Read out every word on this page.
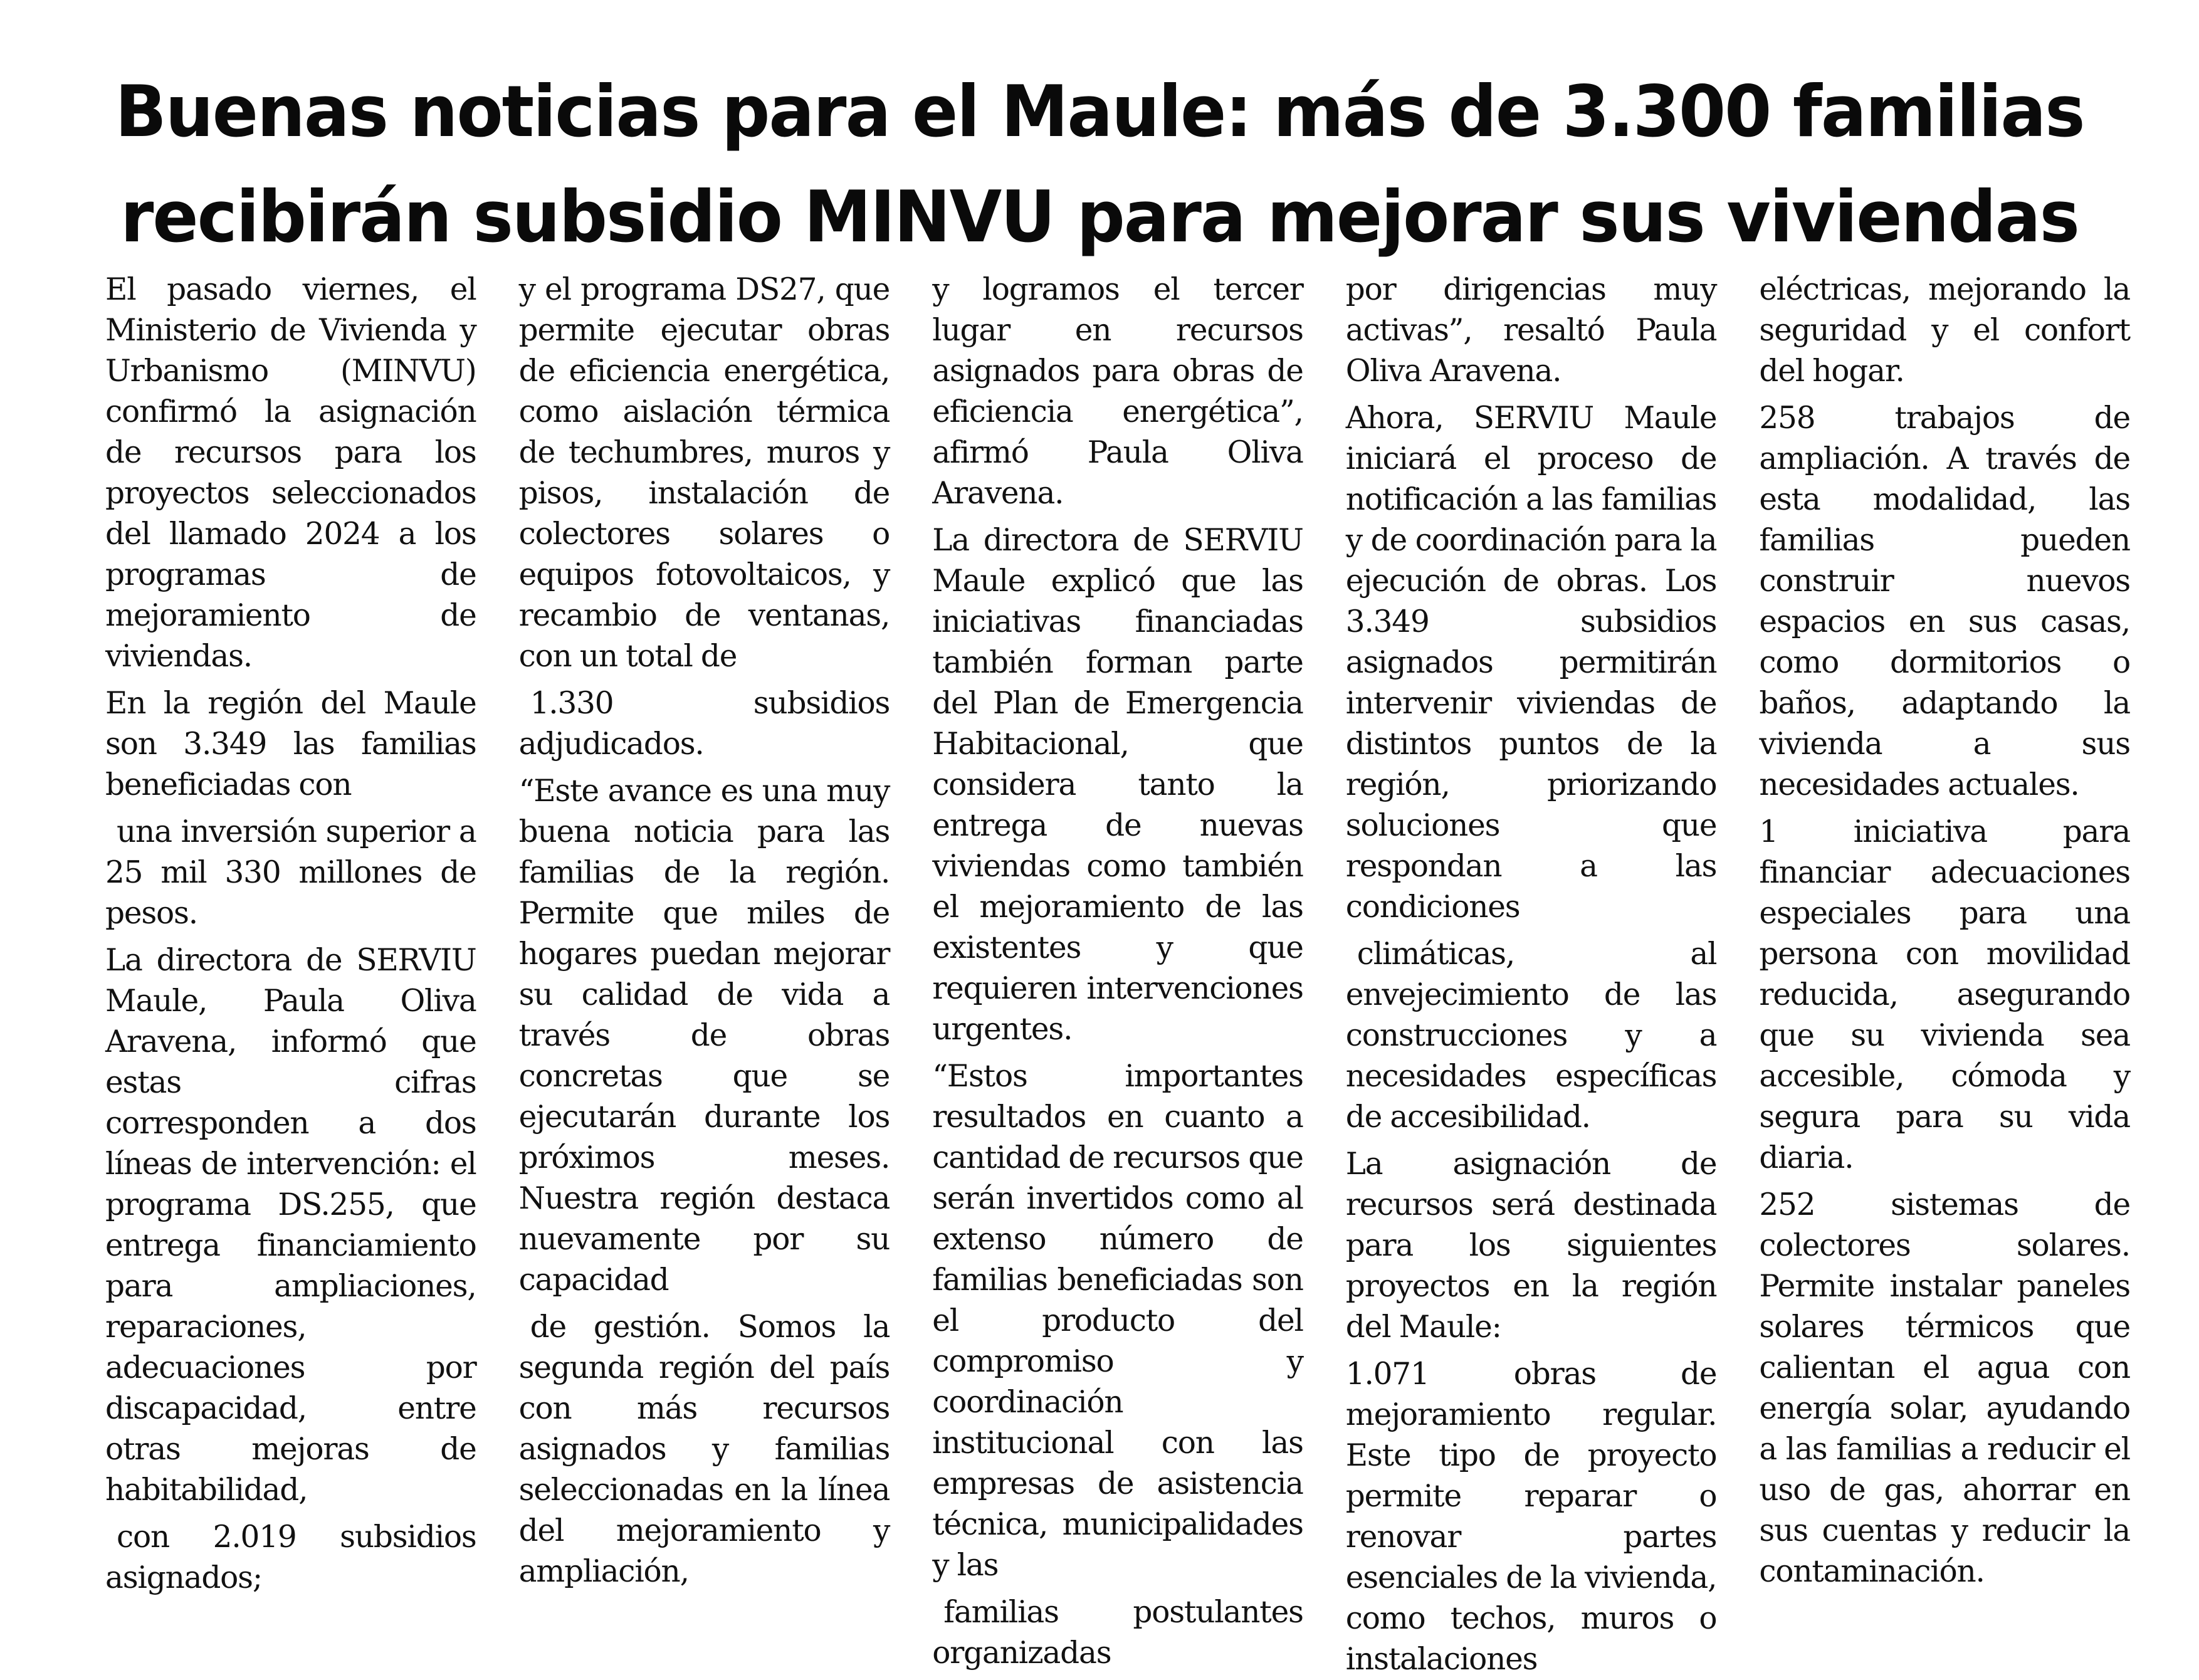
Buenas noticias para el Maule: más de 3.300 familias
recibirán subsidio MINVU para mejorar sus viviendas

El pasado viernes, el Ministerio de Vivienda y Urbanismo (MINVU) confirmó la asignación de recursos para los proyectos seleccionados del llamado 2024 a los programas de mejoramiento de viviendas.

En la región del Maule son 3.349 las familias beneficiadas con

una inversión superior a 25 mil 330 millones de pesos.

La directora de SERVIU Maule, Paula Oliva Aravena, informó que estas cifras corresponden a dos líneas de intervención: el programa DS.255, que entrega financiamiento para ampliaciones, reparaciones, adecuaciones por discapacidad, entre otras mejoras de habitabilidad,

con 2.019 subsidios asignados;

y el programa DS27, que permite ejecutar obras de eficiencia energética, como aislación térmica de techumbres, muros y pisos, instalación de colectores solares o equipos fotovoltaicos, y recambio de ventanas, con un total de

1.330 subsidios adjudicados.

“Este avance es una muy buena noticia para las familias de la región. Permite que miles de hogares puedan mejorar su calidad de vida a través de obras concretas que se ejecutarán durante los próximos meses. Nuestra región destaca nuevamente por su capacidad

de gestión. Somos la segunda región del país con más recursos asignados y familias seleccionadas en la línea del mejoramiento y ampliación,

y logramos el tercer lugar en recursos asignados para obras de eficiencia energética”, afirmó Paula Oliva Aravena.

La directora de SERVIU Maule explicó que las iniciativas financiadas también forman parte del Plan de Emergencia Habitacional, que considera tanto la entrega de nuevas viviendas como también el mejoramiento de las existentes y que requieren intervenciones urgentes.

“Estos importantes resultados en cuanto a cantidad de recursos que serán invertidos como al extenso número de familias beneficiadas son el producto del compromiso y coordinación institucional con las empresas de asistencia técnica, municipalidades y las

familias postulantes organizadas

por dirigencias muy activas”, resaltó Paula Oliva Aravena.

Ahora, SERVIU Maule iniciará el proceso de notificación a las familias y de coordinación para la ejecución de obras. Los 3.349 subsidios asignados permitirán intervenir viviendas de distintos puntos de la región, priorizando soluciones que respondan a las condiciones

climáticas, al envejecimiento de las construcciones y a necesidades específicas de accesibilidad.

La asignación de recursos será destinada para los siguientes proyectos en la región del Maule:

1.071 obras de mejoramiento regular. Este tipo de proyecto permite reparar o renovar partes esenciales de la vivienda, como techos, muros o instalaciones

eléctricas, mejorando la seguridad y el confort del hogar.

258 trabajos de ampliación. A través de esta modalidad, las familias pueden construir nuevos espacios en sus casas, como dormitorios o baños, adaptando la vivienda a sus necesidades actuales.

1 iniciativa para financiar adecuaciones especiales para una persona con movilidad reducida, asegurando que su vivienda sea accesible, cómoda y segura para su vida diaria.

252 sistemas de colectores solares. Permite instalar paneles solares térmicos que calientan el agua con energía solar, ayudando a las familias a reducir el uso de gas, ahorrar en sus cuentas y reducir la contaminación.
